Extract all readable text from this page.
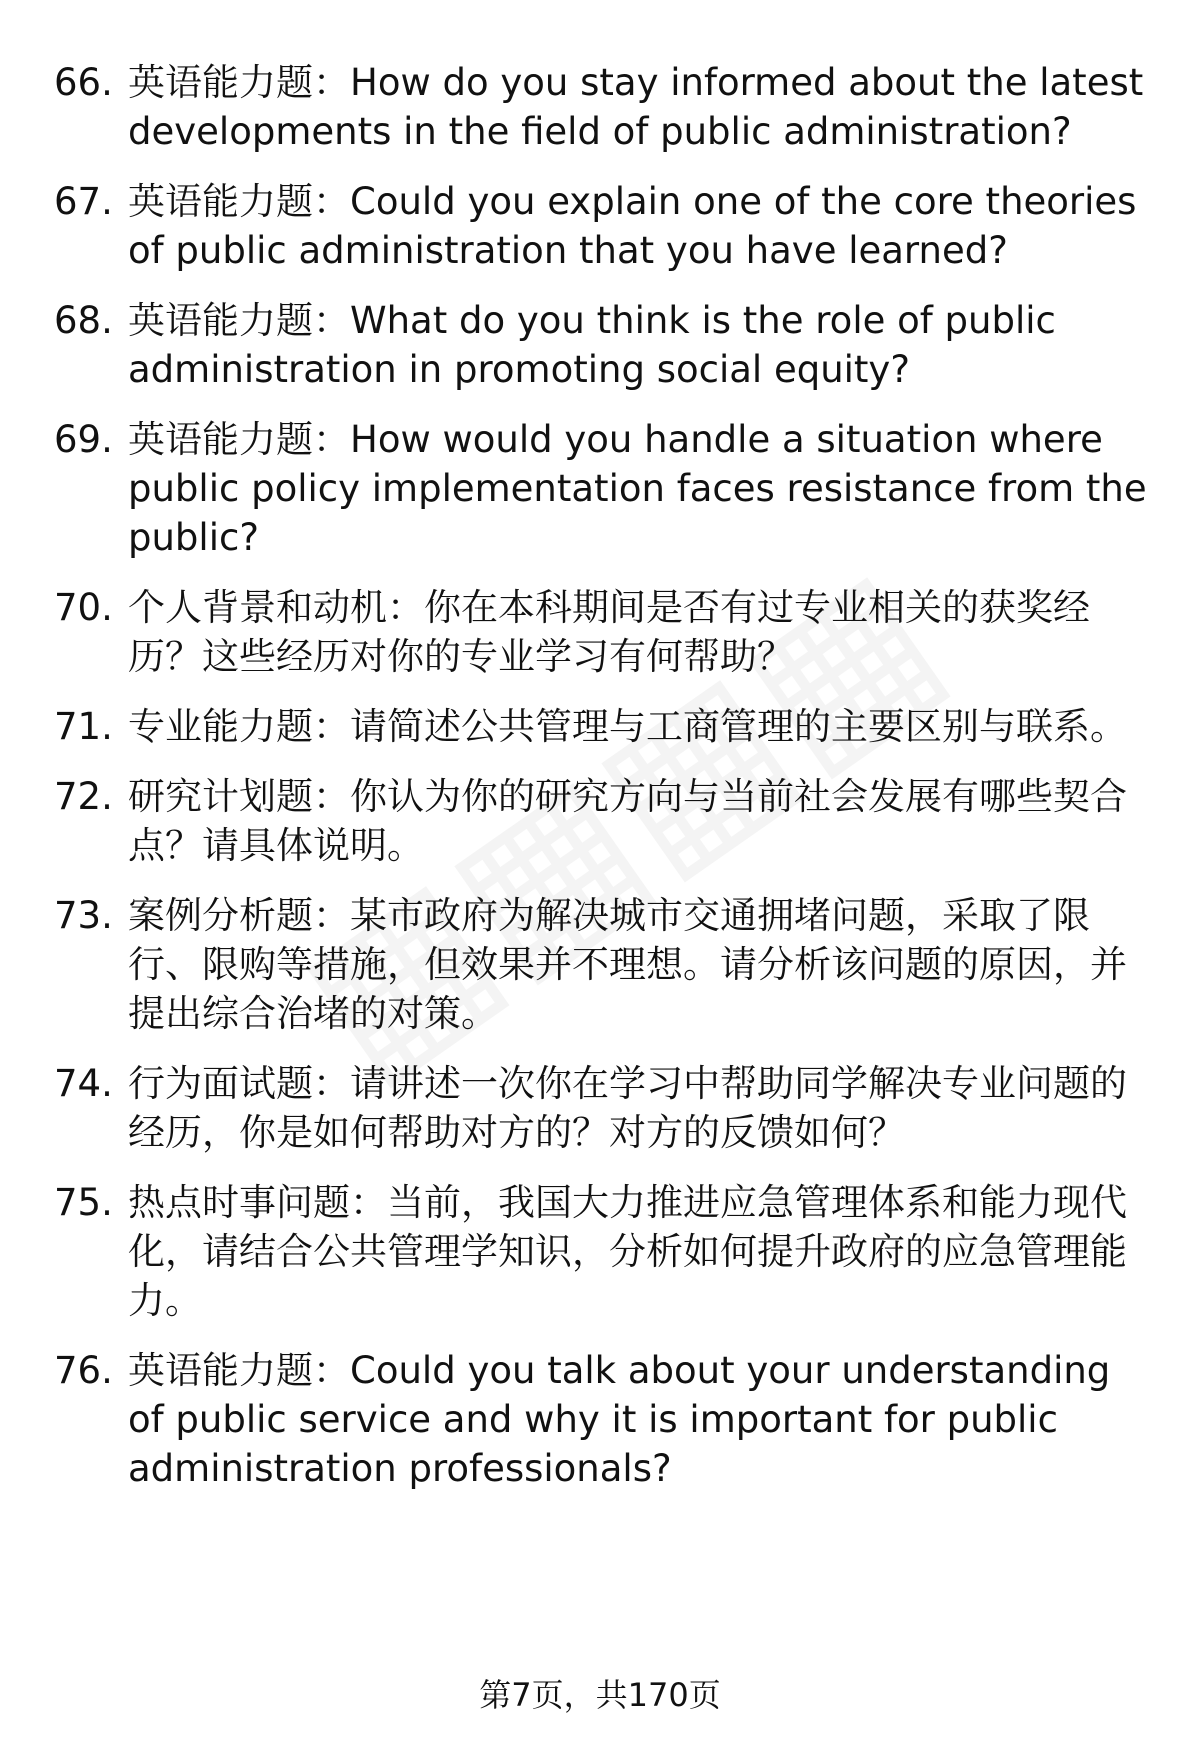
66. 英语能力题：How do you stay informed about the latest developments in the field of public administration?
67. 英语能力题：Could you explain one of the core theories of public administration that you have learned?
68. 英语能力题：What do you think is the role of public administration in promoting social equity?
69. 英语能力题：How would you handle a situation where public policy implementation faces resistance from the public?
70. 个人背景和动机：你在本科期间是否有过专业相关的获奖经历？这些经历对你的专业学习有何帮助？
71. 专业能力题：请简述公共管理与工商管理的主要区别与联系。
72. 研究计划题：你认为你的研究方向与当前社会发展有哪些契合点？请具体说明。
73. 案例分析题：某市政府为解决城市交通拥堵问题，采取了限行、限购等措施，但效果并不理想。请分析该问题的原因，并提出综合治堵的对策。
74. 行为面试题：请讲述一次你在学习中帮助同学解决专业问题的经历，你是如何帮助对方的？对方的反馈如何？
75. 热点时事问题：当前，我国大力推进应急管理体系和能力现代化，请结合公共管理学知识，分析如何提升政府的应急管理能力。
76. 英语能力题：Could you talk about your understanding of public service and why it is important for public administration professionals?
第7页，共170页
